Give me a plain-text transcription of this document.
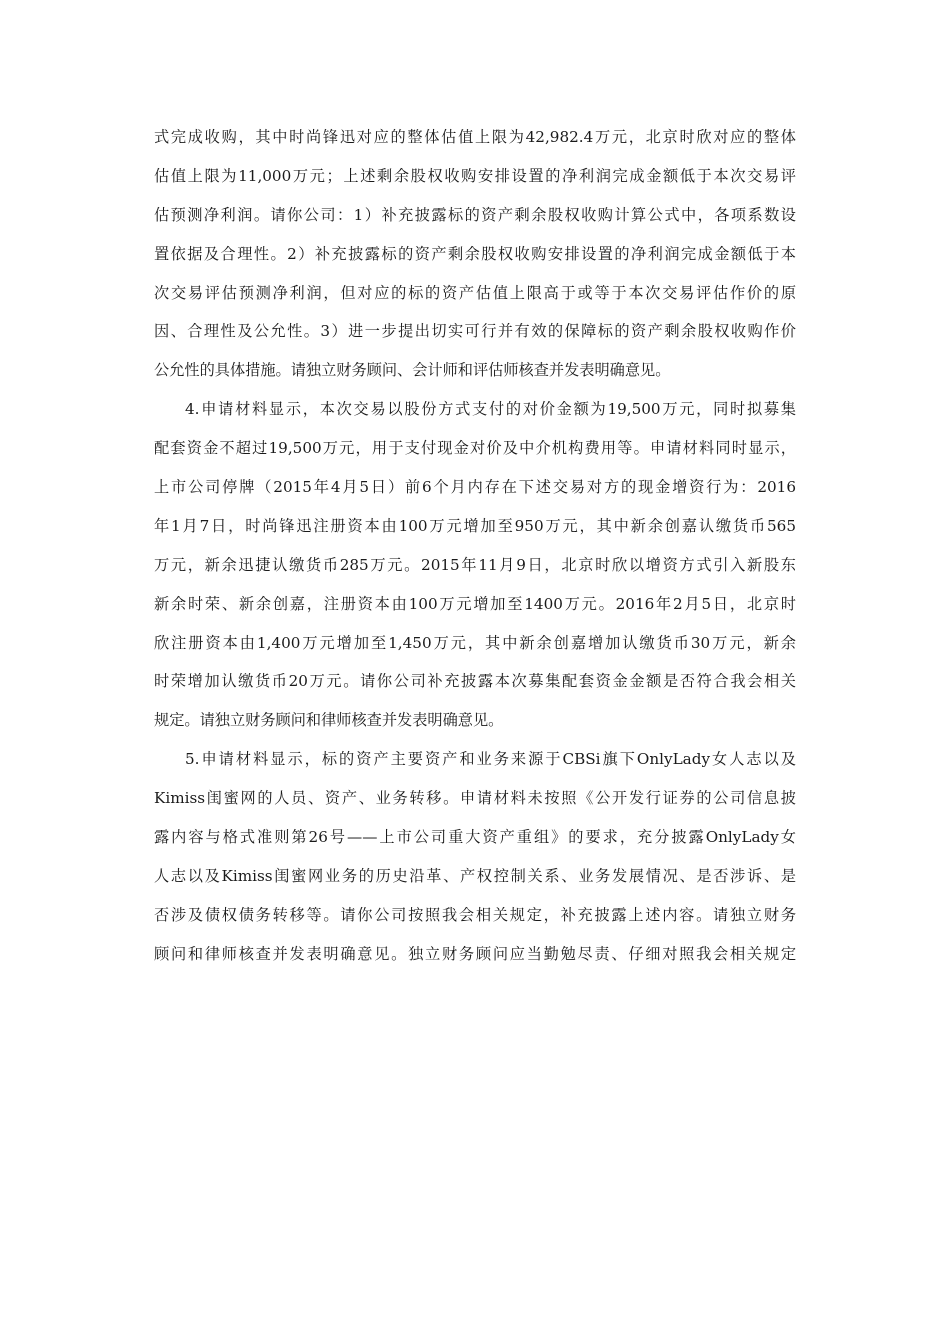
式完成收购，其中时尚锋迅对应的整体估值上限为42,982.4万元，北京时欣对应的整体
估值上限为11,000万元；上述剩余股权收购安排设置的净利润完成金额低于本次交易评
估预测净利润。请你公司：1）补充披露标的资产剩余股权收购计算公式中，各项系数设
置依据及合理性。2）补充披露标的资产剩余股权收购安排设置的净利润完成金额低于本
次交易评估预测净利润，但对应的标的资产估值上限高于或等于本次交易评估作价的原
因、合理性及公允性。3）进一步提出切实可行并有效的保障标的资产剩余股权收购作价
公允性的具体措施。请独立财务顾问、会计师和评估师核查并发表明确意见。
4.申请材料显示，本次交易以股份方式支付的对价金额为19,500万元，同时拟募集
配套资金不超过19,500万元，用于支付现金对价及中介机构费用等。申请材料同时显示，
上市公司停牌（2015年4月5日）前6个月内存在下述交易对方的现金增资行为：2016
年1月7日，时尚锋迅注册资本由100万元增加至950万元，其中新余创嘉认缴货币565
万元，新余迅捷认缴货币285万元。2015年11月9日，北京时欣以增资方式引入新股东
新余时荣、新余创嘉，注册资本由100万元增加至1400万元。2016年2月5日，北京时
欣注册资本由1,400万元增加至1,450万元，其中新余创嘉增加认缴货币30万元，新余
时荣增加认缴货币20万元。请你公司补充披露本次募集配套资金金额是否符合我会相关
规定。请独立财务顾问和律师核查并发表明确意见。
5.申请材料显示，标的资产主要资产和业务来源于CBSi旗下OnlyLady女人志以及
Kimiss闺蜜网的人员、资产、业务转移。申请材料未按照《公开发行证券的公司信息披
露内容与格式准则第26号——上市公司重大资产重组》的要求，充分披露OnlyLady女
人志以及Kimiss闺蜜网业务的历史沿革、产权控制关系、业务发展情况、是否涉诉、是
否涉及债权债务转移等。请你公司按照我会相关规定，补充披露上述内容。请独立财务
顾问和律师核查并发表明确意见。独立财务顾问应当勤勉尽责、仔细对照我会相关规定
